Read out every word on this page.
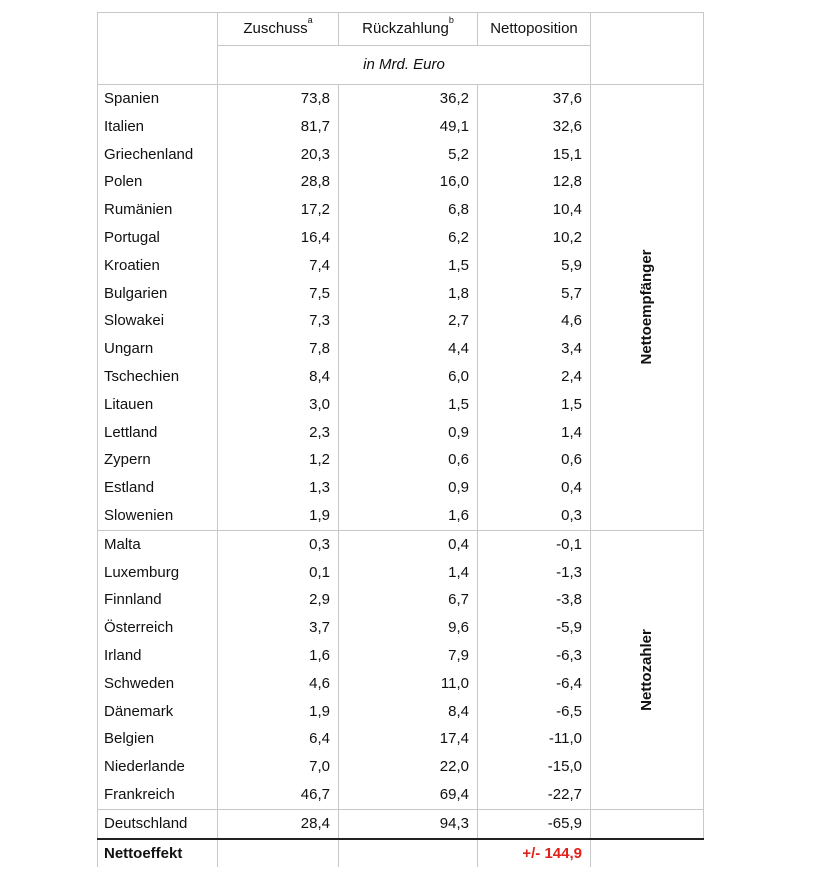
	Zuschuss$^a$	Rückzahlung$^b$	Nettoposition	
	in Mrd. Euro			
Spanien	73,8	36,2	37,6	Nettoempfänger

Italien	81,7	49,1	32,6	
Griechenland	20,3	5,2	15,1	
Polen	28,8	16,0	12,8	
Rumänien	17,2	6,8	10,4	
Portugal	16,4	6,2	10,2	
Kroatien	7,4	1,5	5,9	
Bulgarien	7,5	1,8	5,7	
Slowakei	7,3	2,7	4,6	
Ungarn	7,8	4,4	3,4	
Tschechien	8,4	6,0	2,4	
Litauen	3,0	1,5	1,5	
Lettland	2,3	0,9	1,4	
Zypern	1,2	0,6	0,6	
Estland	1,3	0,9	0,4	
Slowenien	1,9	1,6	0,3	
Malta	0,3	0,4	-0,1	Nettozahler

Luxemburg	0,1	1,4	-1,3	
Finnland	2,9	6,7	-3,8	
Österreich	3,7	9,6	-5,9	
Irland	1,6	7,9	-6,3	
Schweden	4,6	11,0	-6,4	
Dänemark	1,9	8,4	-6,5	
Belgien	6,4	17,4	-11,0	
Niederlande	7,0	22,0	-15,0	
Frankreich	46,7	69,4	-22,7	
Deutschland	28,4	94,3	-65,9	
Nettoeffekt			+/- 144,9	
